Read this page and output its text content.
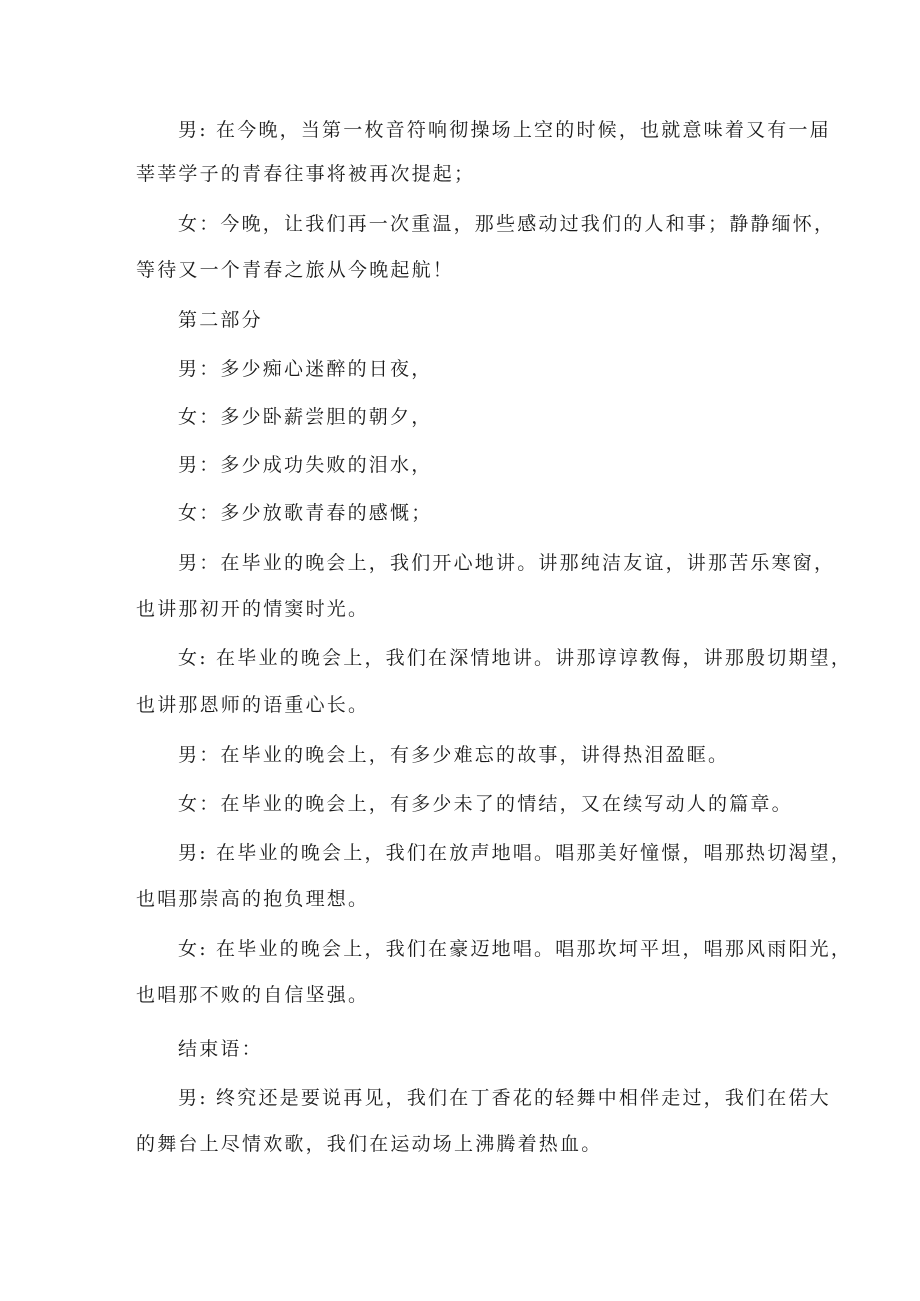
男: 在今晚，当第一枚音符响彻操场上空的时候，也就意味着又有一届
莘莘学子的青春往事将被再次提起；
女：今晚，让我们再一次重温，那些感动过我们的人和事；静静缅怀，
等待又一个青春之旅从今晚起航！
第二部分
男：多少痴心迷醉的日夜，
女：多少卧薪尝胆的朝夕，
男：多少成功失败的泪水，
女：多少放歌青春的感慨；
男：在毕业的晚会上，我们开心地讲。讲那纯洁友谊，讲那苦乐寒窗，
也讲那初开的情窦时光。
女: 在毕业的晚会上，我们在深情地讲。讲那谆谆教侮，讲那殷切期望，
也讲那恩师的语重心长。
男：在毕业的晚会上，有多少难忘的故事，讲得热泪盈眶。
女：在毕业的晚会上，有多少未了的情结，又在续写动人的篇章。
男: 在毕业的晚会上，我们在放声地唱。唱那美好憧憬，唱那热切渴望，
也唱那崇高的抱负理想。
女: 在毕业的晚会上，我们在豪迈地唱。唱那坎坷平坦，唱那风雨阳光，
也唱那不败的自信坚强。
结束语：
男: 终究还是要说再见，我们在丁香花的轻舞中相伴走过，我们在偌大
的舞台上尽情欢歌，我们在运动场上沸腾着热血。
